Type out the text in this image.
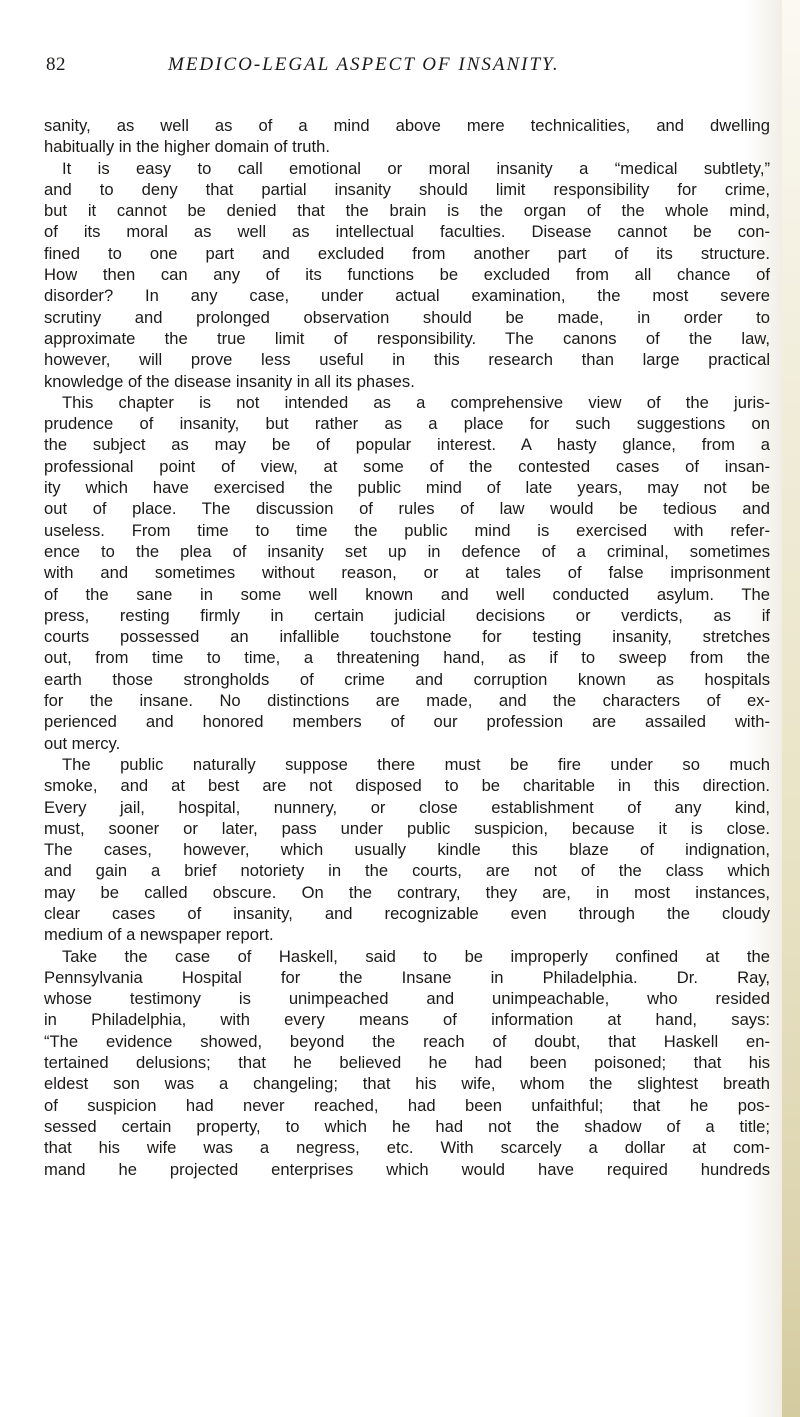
82	MEDICO-LEGAL ASPECT OF INSANITY.
sanity, as well as of a mind above mere technicalities, and dwelling
habitually in the higher domain of truth.
It is easy to call emotional or moral insanity a “medical subtlety,”
and to deny that partial insanity should limit responsibility for crime,
but it cannot be denied that the brain is the organ of the whole mind,
of its moral as well as intellectual faculties. Disease cannot be con-
fined to one part and excluded from another part of its structure.
How then can any of its functions be excluded from all chance of
disorder? In any case, under actual examination, the most severe
scrutiny and prolonged observation should be made, in order to
approximate the true limit of responsibility. The canons of the law,
however, will prove less useful in this research than large practical
knowledge of the disease insanity in all its phases.
This chapter is not intended as a comprehensive view of the juris-
prudence of insanity, but rather as a place for such suggestions on
the subject as may be of popular interest. A hasty glance, from a
professional point of view, at some of the contested cases of insan-
ity which have exercised the public mind of late years, may not be
out of place. The discussion of rules of law would be tedious and
useless. From time to time the public mind is exercised with refer-
ence to the plea of insanity set up in defence of a criminal, sometimes
with and sometimes without reason, or at tales of false imprisonment
of the sane in some well known and well conducted asylum. The
press, resting firmly in certain judicial decisions or verdicts, as if
courts possessed an infallible touchstone for testing insanity, stretches
out, from time to time, a threatening hand, as if to sweep from the
earth those strongholds of crime and corruption known as hospitals
for the insane. No distinctions are made, and the characters of ex-
perienced and honored members of our profession are assailed with-
out mercy.
The public naturally suppose there must be fire under so much
smoke, and at best are not disposed to be charitable in this direction.
Every jail, hospital, nunnery, or close establishment of any kind,
must, sooner or later, pass under public suspicion, because it is close.
The cases, however, which usually kindle this blaze of indignation,
and gain a brief notoriety in the courts, are not of the class which
may be called obscure. On the contrary, they are, in most instances,
clear cases of insanity, and recognizable even through the cloudy
medium of a newspaper report.
Take the case of Haskell, said to be improperly confined at the
Pennsylvania Hospital for the Insane in Philadelphia. Dr. Ray,
whose testimony is unimpeached and unimpeachable, who resided
in Philadelphia, with every means of information at hand, says:
“The evidence showed, beyond the reach of doubt, that Haskell en-
tertained delusions; that he believed he had been poisoned; that his
eldest son was a changeling; that his wife, whom the slightest breath
of suspicion had never reached, had been unfaithful; that he pos-
sessed certain property, to which he had not the shadow of a title;
that his wife was a negress, etc. With scarcely a dollar at com-
mand he projected enterprises which would have required hundreds
